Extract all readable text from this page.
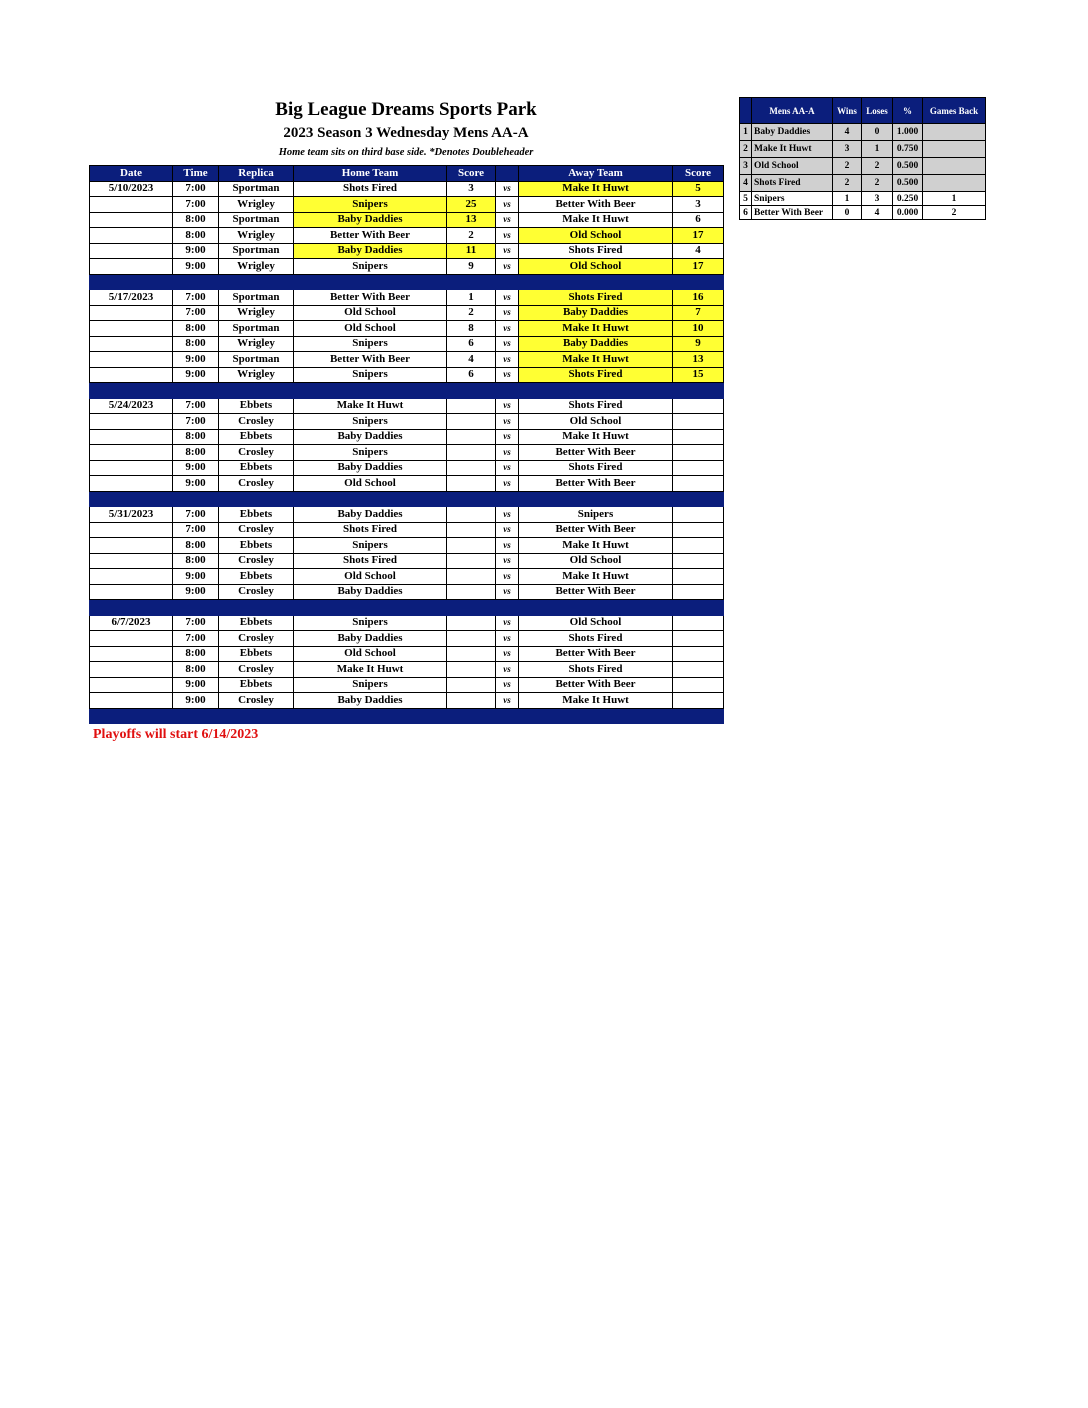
Big League Dreams Sports Park
2023 Season 3 Wednesday Mens AA-A
Home team sits on third base side. *Denotes Doubleheader
Date	Time	Replica	Home Team	Score		Away Team	Score
5/10/2023	7:00	Sportman	Shots Fired	3	vs	Make It Huwt	5
	7:00	Wrigley	Snipers	25	vs	Better With Beer	3
	8:00	Sportman	Baby Daddies	13	vs	Make It Huwt	6
	8:00	Wrigley	Better With Beer	2	vs	Old School	17
	9:00	Sportman	Baby Daddies	11	vs	Shots Fired	4
	9:00	Wrigley	Snipers	9	vs	Old School	17

5/17/2023	7:00	Sportman	Better With Beer	1	vs	Shots Fired	16
	7:00	Wrigley	Old School	2	vs	Baby Daddies	7
	8:00	Sportman	Old School	8	vs	Make It Huwt	10
	8:00	Wrigley	Snipers	6	vs	Baby Daddies	9
	9:00	Sportman	Better With Beer	4	vs	Make It Huwt	13
	9:00	Wrigley	Snipers	6	vs	Shots Fired	15

5/24/2023	7:00	Ebbets	Make It Huwt		vs	Shots Fired	
	7:00	Crosley	Snipers		vs	Old School	
	8:00	Ebbets	Baby Daddies		vs	Make It Huwt	
	8:00	Crosley	Snipers		vs	Better With Beer	
	9:00	Ebbets	Baby Daddies		vs	Shots Fired	
	9:00	Crosley	Old School		vs	Better With Beer	

5/31/2023	7:00	Ebbets	Baby Daddies		vs	Snipers	
	7:00	Crosley	Shots Fired		vs	Better With Beer	
	8:00	Ebbets	Snipers		vs	Make It Huwt	
	8:00	Crosley	Shots Fired		vs	Old School	
	9:00	Ebbets	Old School		vs	Make It Huwt	
	9:00	Crosley	Baby Daddies		vs	Better With Beer	

6/7/2023	7:00	Ebbets	Snipers		vs	Old School	
	7:00	Crosley	Baby Daddies		vs	Shots Fired	
	8:00	Ebbets	Old School		vs	Better With Beer	
	8:00	Crosley	Make It Huwt		vs	Shots Fired	
	9:00	Ebbets	Snipers		vs	Better With Beer	
	9:00	Crosley	Baby Daddies		vs	Make It Huwt	

Playoffs will start 6/14/2023
	Mens AA-A	Wins	Loses	%	Games Back
1	Baby Daddies	4	0	1.000	
2	Make It Huwt	3	1	0.750	
3	Old School	2	2	0.500	
4	Shots Fired	2	2	0.500	
5	Snipers	1	3	0.250	1
6	Better With Beer	0	4	0.000	2
